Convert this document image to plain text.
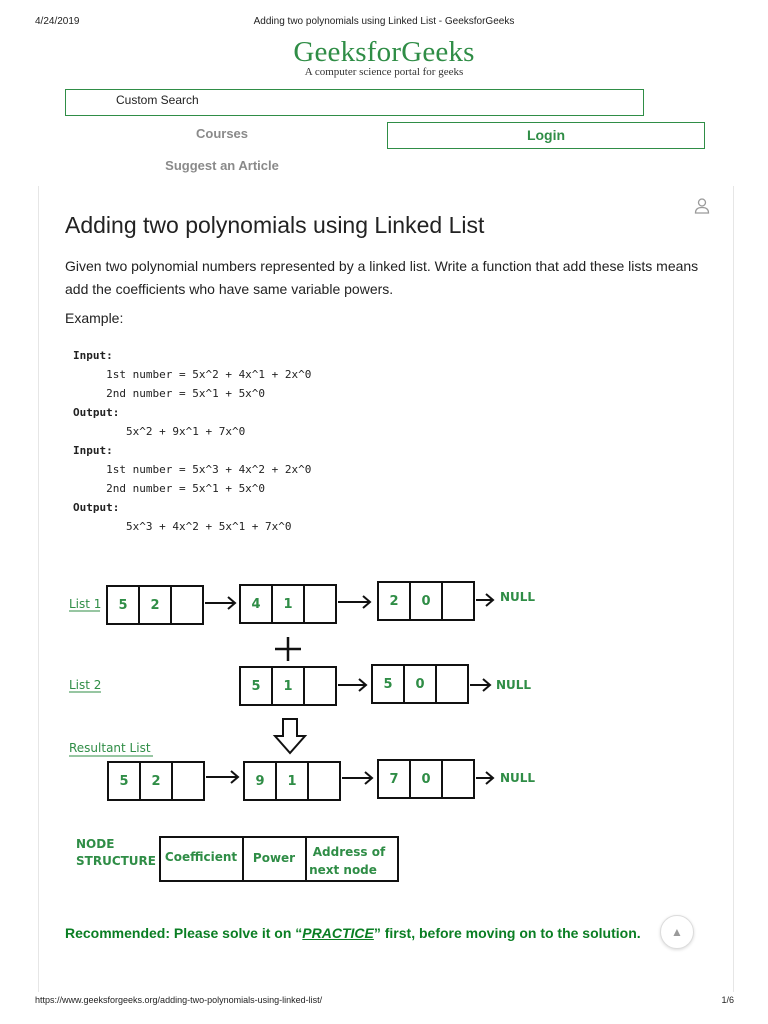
4/24/2019	Adding two polynomials using Linked List - GeeksforGeeks
GeeksforGeeks
A computer science portal for geeks
Custom Search
Courses	Login
Suggest an Article
Adding two polynomials using Linked List

Given two polynomial numbers represented by a linked list. Write a function that add these lists means add the coefficients who have same variable powers.

Example:
Input:
1st number = 5x^2 + 4x^1 + 2x^0
2nd number = 5x^1 + 5x^0
Output:
5x^2 + 9x^1 + 7x^0
Input:
1st number = 5x^3 + 4x^2 + 2x^0
2nd number = 5x^1 + 5x^0
Output:
5x^3 + 4x^2 + 5x^1 + 7x^0
List 1 5 2	4 1	2 0	NULL
List 2	5 1	5 0	NULL
Resultant List
5 2	9 1	7 0	NULL
NODE
STRUCTURE Coefficient Power Address of
next node
Recommended: Please solve it on “PRACTICE” first, before moving on to the solution.	▲
https://www.geeksforgeeks.org/adding-two-polynomials-using-linked-list/	1/6
